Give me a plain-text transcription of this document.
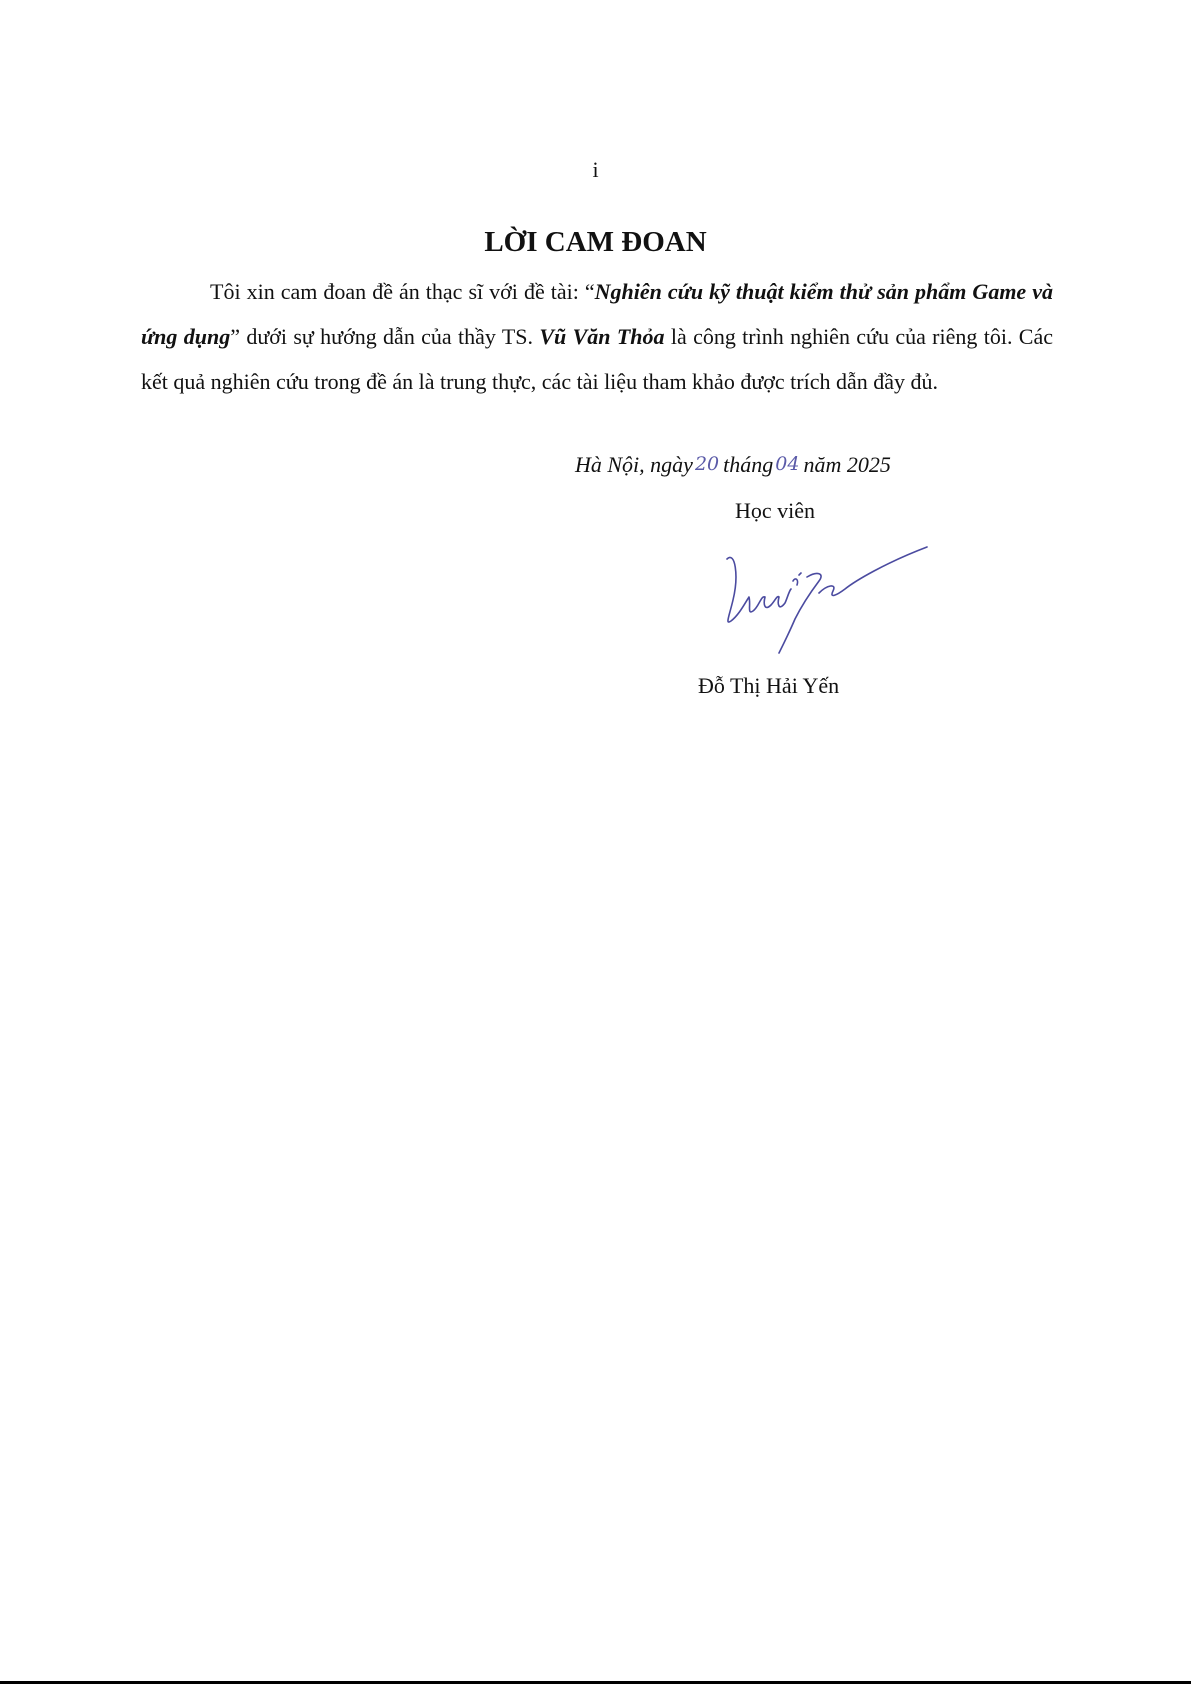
i
LỜI CAM ĐOAN

Tôi xin cam đoan đề án thạc sĩ với đề tài: “Nghiên cứu kỹ thuật kiểm thử sản phẩm Game và ứng dụng” dưới sự hướng dẫn của thầy TS. Vũ Văn Thỏa là công trình nghiên cứu của riêng tôi. Các kết quả nghiên cứu trong đề án là trung thực, các tài liệu tham khảo được trích dẫn đầy đủ.

Hà Nội, ngày 20 tháng 04 năm 2025
Học viên
Đỗ Thị Hải Yến
